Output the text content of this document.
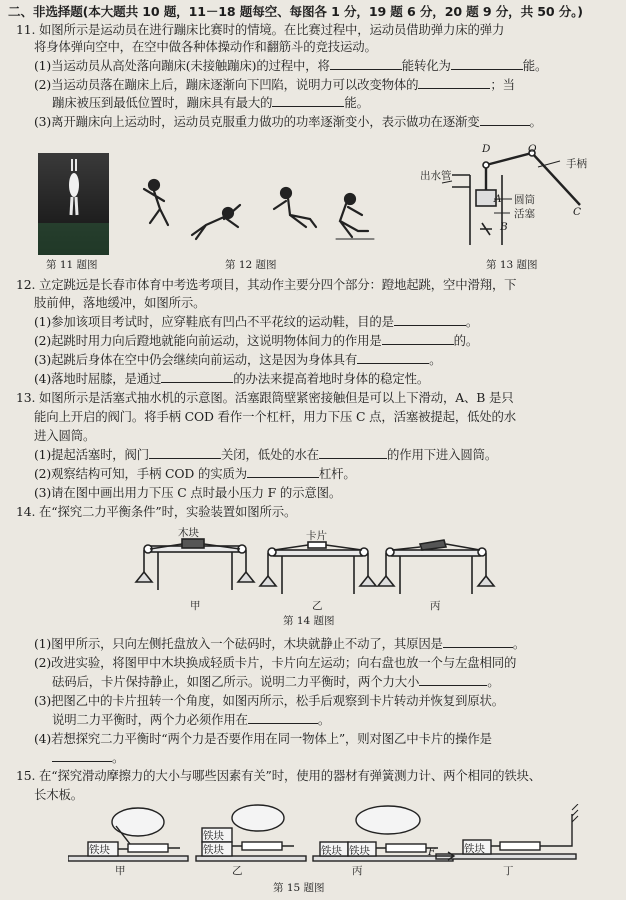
二、非选择题(本大题共 10 题，11－18 题每空、每图各 1 分，19 题 6 分，20 题 9 分，共 50 分。)
11. 如图所示是运动员在进行蹦床比赛时的情境。在比赛过程中，运动员借助弹力床的弹力
将身体弹向空中，在空中做各种体操动作和翻筋斗的竞技运动。
(1)当运动员从高处落向蹦床(未接触蹦床)的过程中，将	能转化为	能。
(2)当运动员落在蹦床上后，蹦床逐渐向下凹陷，说明力可以改变物体的	；当
蹦床被压到最低位置时，蹦床具有最大的	能。
(3)离开蹦床向上运动时，运动员克服重力做功的功率逐渐变小，表示做功在逐渐变	。
第 11 题图	第 12 题图
出水管
D	O
手柄
圆筒
活塞
A
B
C
第 13 题图
12. 立定跳远是长春市体育中考选考项目，其动作主要分四个部分：蹬地起跳，空中滑翔，下
肢前伸，落地缓冲，如图所示。
(1)参加该项目考试时，应穿鞋底有凹凸不平花纹的运动鞋，目的是	。
(2)起跳时用力向后蹬地就能向前运动，这说明物体间力的作用是	的。
(3)起跳后身体在空中仍会继续向前运动，这是因为身体具有	。
(4)落地时屈膝，是通过	的办法来提高着地时身体的稳定性。
13. 如图所示是活塞式抽水机的示意图。活塞跟筒壁紧密接触但是可以上下滑动，A、B 是只
能向上开启的阀门。将手柄 COD 看作一个杠杆，用力下压 C 点，活塞被提起，低处的水
进入圆筒。
(1)提起活塞时，阀门	关闭，低处的水在	的作用下进入圆筒。
(2)观察结构可知，手柄 COD 的实质为	杠杆。
(3)请在图中画出用力下压 C 点时最小压力 F 的示意图。
14. 在“探究二力平衡条件”时，实验装置如图所示。
木块	卡片
甲	乙	丙
第 14 题图
(1)图甲所示，只向左侧托盘放入一个砝码时，木块就静止不动了，其原因是	。
(2)改进实验，将图甲中木块换成轻质卡片，卡片向左运动；向右盘也放一个与左盘相同的
砝码后，卡片保持静止，如图乙所示。说明二力平衡时，两个力大小	。
(3)把图乙中的卡片扭转一个角度，如图丙所示，松手后观察到卡片转动并恢复到原状。
说明二力平衡时，两个力必须作用在	。
(4)若想探究二力平衡时“两个力是否要作用在同一物体上”，则对图乙中卡片的操作是
。
15. 在“探究滑动摩擦力的大小与哪些因素有关”时，使用的器材有弹簧测力计、两个相同的铁块、
长木板。
铁块
铁块
铁块	铁块 铁块	铁块
F
甲	乙	丙	丁
第 15 题图
